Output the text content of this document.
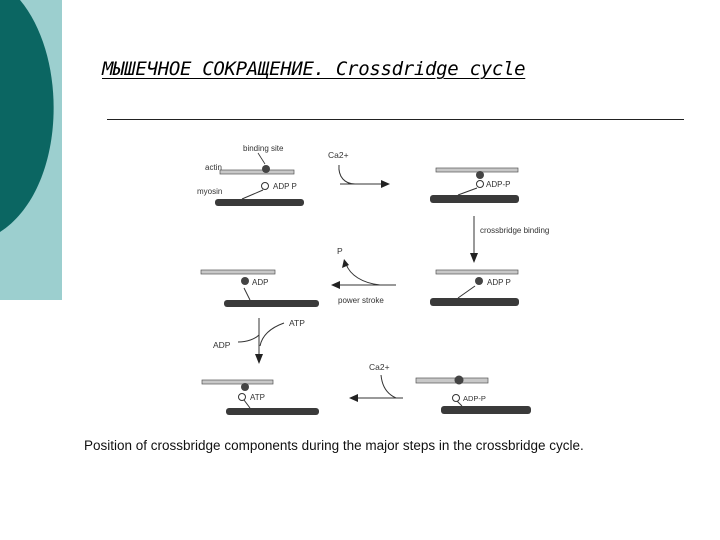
binding site
actin
myosin
ADP P
Ca2+
ADP-P
crossbridge binding
ADP P
P
power stroke
ADP
ATP
ADP
ATP
Ca2+
ADP-P
МЫШЕЧНОЕ СОКРАЩЕНИЕ. Crossdridge cycle
Position of crossbridge components during the major steps in the crossbridge cycle.
